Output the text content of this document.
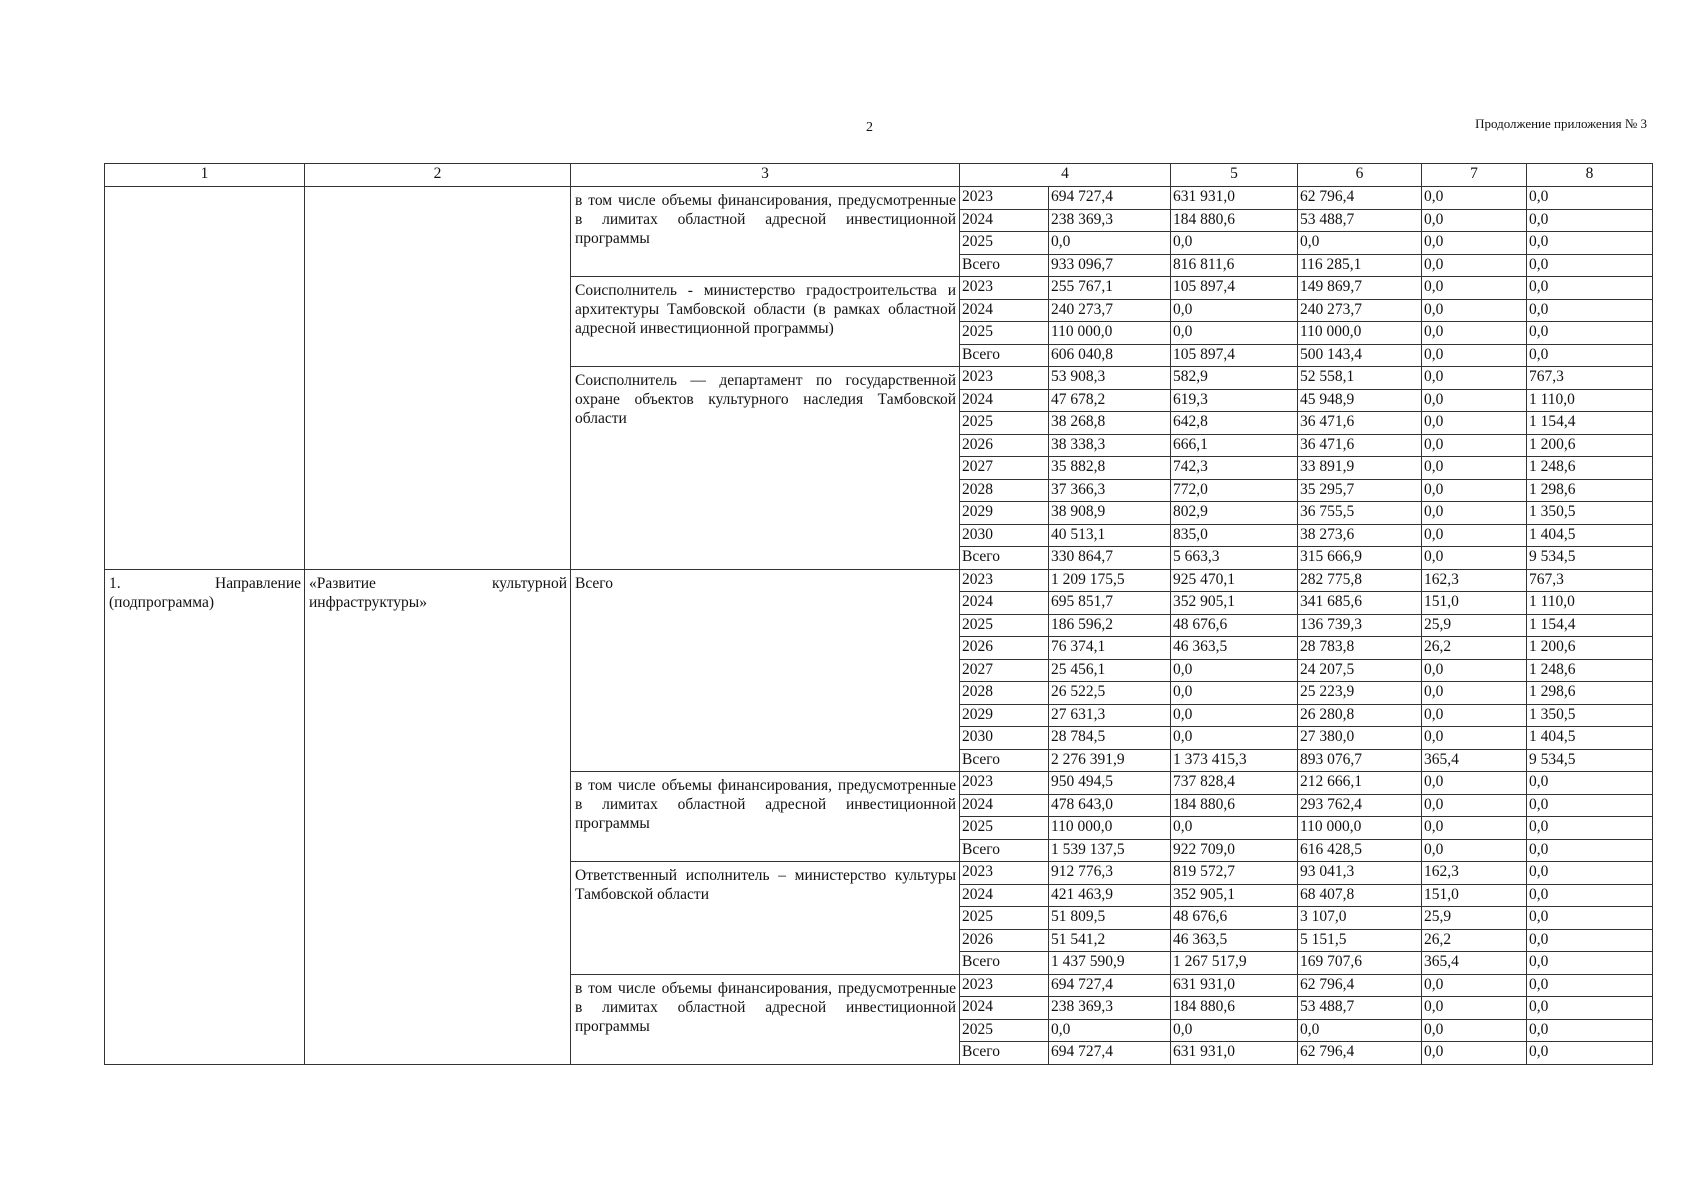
2	Продолжение приложения № 3
1	2	3	4		5	6	7	8
		в том числе объемы финансирования, предусмотренные в лимитах областной адресной инвестиционной программы	2023	694 727,4	631 931,0	62 796,4	0,0	0,0
			2024	238 369,3	184 880,6	53 488,7	0,0	0,0
			2025	0,0	0,0	0,0	0,0	0,0
			Всего	933 096,7	816 811,6	116 285,1	0,0	0,0
		Соисполнитель - министерство градостроительства и архитектуры Тамбовской области (в рамках областной адресной инвестиционной программы)	2023	255 767,1	105 897,4	149 869,7	0,0	0,0
			2024	240 273,7	0,0	240 273,7	0,0	0,0
			2025	110 000,0	0,0	110 000,0	0,0	0,0
			Всего	606 040,8	105 897,4	500 143,4	0,0	0,0
		Соисполнитель — департамент по государственной охране объектов культурного наследия Тамбовской области	2023	53 908,3	582,9	52 558,1	0,0	767,3
			2024	47 678,2	619,3	45 948,9	0,0	1 110,0
			2025	38 268,8	642,8	36 471,6	0,0	1 154,4
			2026	38 338,3	666,1	36 471,6	0,0	1 200,6
			2027	35 882,8	742,3	33 891,9	0,0	1 248,6
			2028	37 366,3	772,0	35 295,7	0,0	1 298,6
			2029	38 908,9	802,9	36 755,5	0,0	1 350,5
			2030	40 513,1	835,0	38 273,6	0,0	1 404,5
			Всего	330 864,7	5 663,3	315 666,9	0,0	9 534,5
1. Направление (подпрограмма)	«Развитие культурной инфраструктуры»	Всего	2023	1 209 175,5	925 470,1	282 775,8	162,3	767,3
			2024	695 851,7	352 905,1	341 685,6	151,0	1 110,0
			2025	186 596,2	48 676,6	136 739,3	25,9	1 154,4
			2026	76 374,1	46 363,5	28 783,8	26,2	1 200,6
			2027	25 456,1	0,0	24 207,5	0,0	1 248,6
			2028	26 522,5	0,0	25 223,9	0,0	1 298,6
			2029	27 631,3	0,0	26 280,8	0,0	1 350,5
			2030	28 784,5	0,0	27 380,0	0,0	1 404,5
			Всего	2 276 391,9	1 373 415,3	893 076,7	365,4	9 534,5
		в том числе объемы финансирования, предусмотренные в лимитах областной адресной инвестиционной программы	2023	950 494,5	737 828,4	212 666,1	0,0	0,0
			2024	478 643,0	184 880,6	293 762,4	0,0	0,0
			2025	110 000,0	0,0	110 000,0	0,0	0,0
			Всего	1 539 137,5	922 709,0	616 428,5	0,0	0,0
		Ответственный исполнитель – министерство культуры Тамбовской области	2023	912 776,3	819 572,7	93 041,3	162,3	0,0
			2024	421 463,9	352 905,1	68 407,8	151,0	0,0
			2025	51 809,5	48 676,6	3 107,0	25,9	0,0
			2026	51 541,2	46 363,5	5 151,5	26,2	0,0
			Всего	1 437 590,9	1 267 517,9	169 707,6	365,4	0,0
		в том числе объемы финансирования, предусмотренные в лимитах областной адресной инвестиционной программы	2023	694 727,4	631 931,0	62 796,4	0,0	0,0
			2024	238 369,3	184 880,6	53 488,7	0,0	0,0
			2025	0,0	0,0	0,0	0,0	0,0
			Всего	694 727,4	631 931,0	62 796,4	0,0	0,0
